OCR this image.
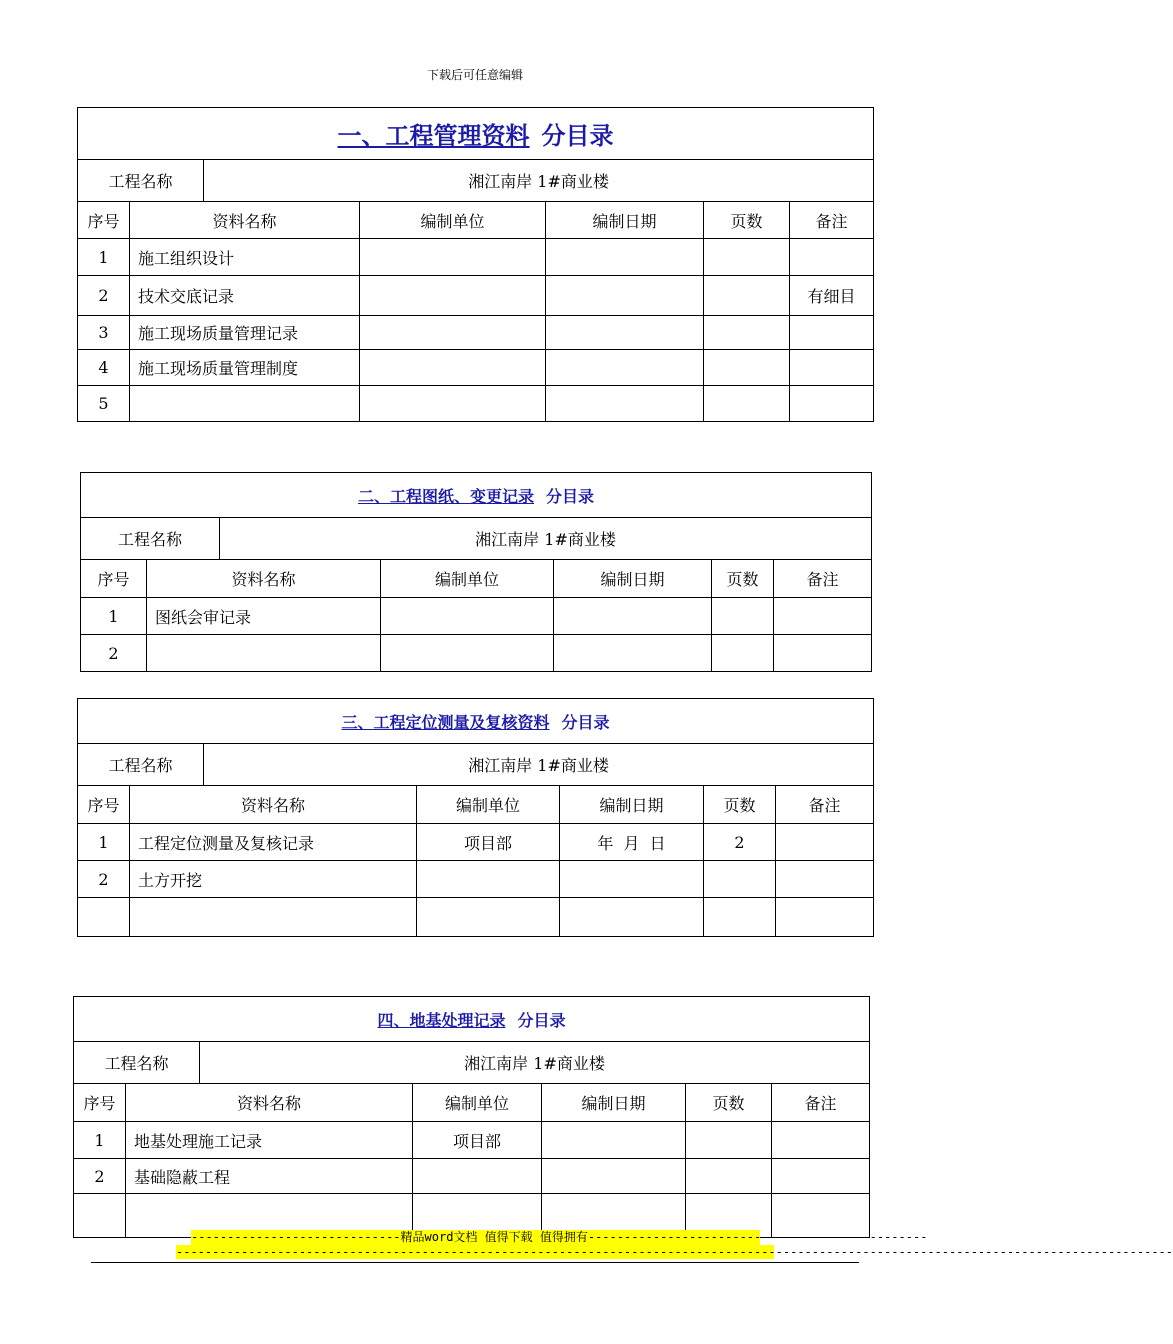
下载后可任意编辑
一、工程管理资料 分目录						
工程名称		湘江南岸 1#商业楼				
序号	资料名称		编制单位	编制日期	页数	备注
1	施工组织设计					
2	技术交底记录					有细目
3	施工现场质量管理记录					
4	施工现场质量管理制度					
5						
二、工程图纸、变更记录 分目录						
工程名称		湘江南岸 1#商业楼				
序号	资料名称		编制单位	编制日期	页数	备注
1	图纸会审记录					
2						
三、工程定位测量及复核资料 分目录						
工程名称		湘江南岸 1#商业楼				
序号	资料名称		编制单位	编制日期	页数	备注
1	工程定位测量及复核记录		项目部	年  月  日	2	
2	土方开挖					

四、地基处理记录 分目录						
工程名称		湘江南岸 1#商业楼				
序号	资料名称		编制单位	编制日期	页数	备注
1	地基处理施工记录		项目部			
2	基础隐蔽工程					

-----------------------------精品word文档 值得下载 值得拥有-----------------------------------------------
------------------------------------------------------------------------------------------------------------------------------------------
